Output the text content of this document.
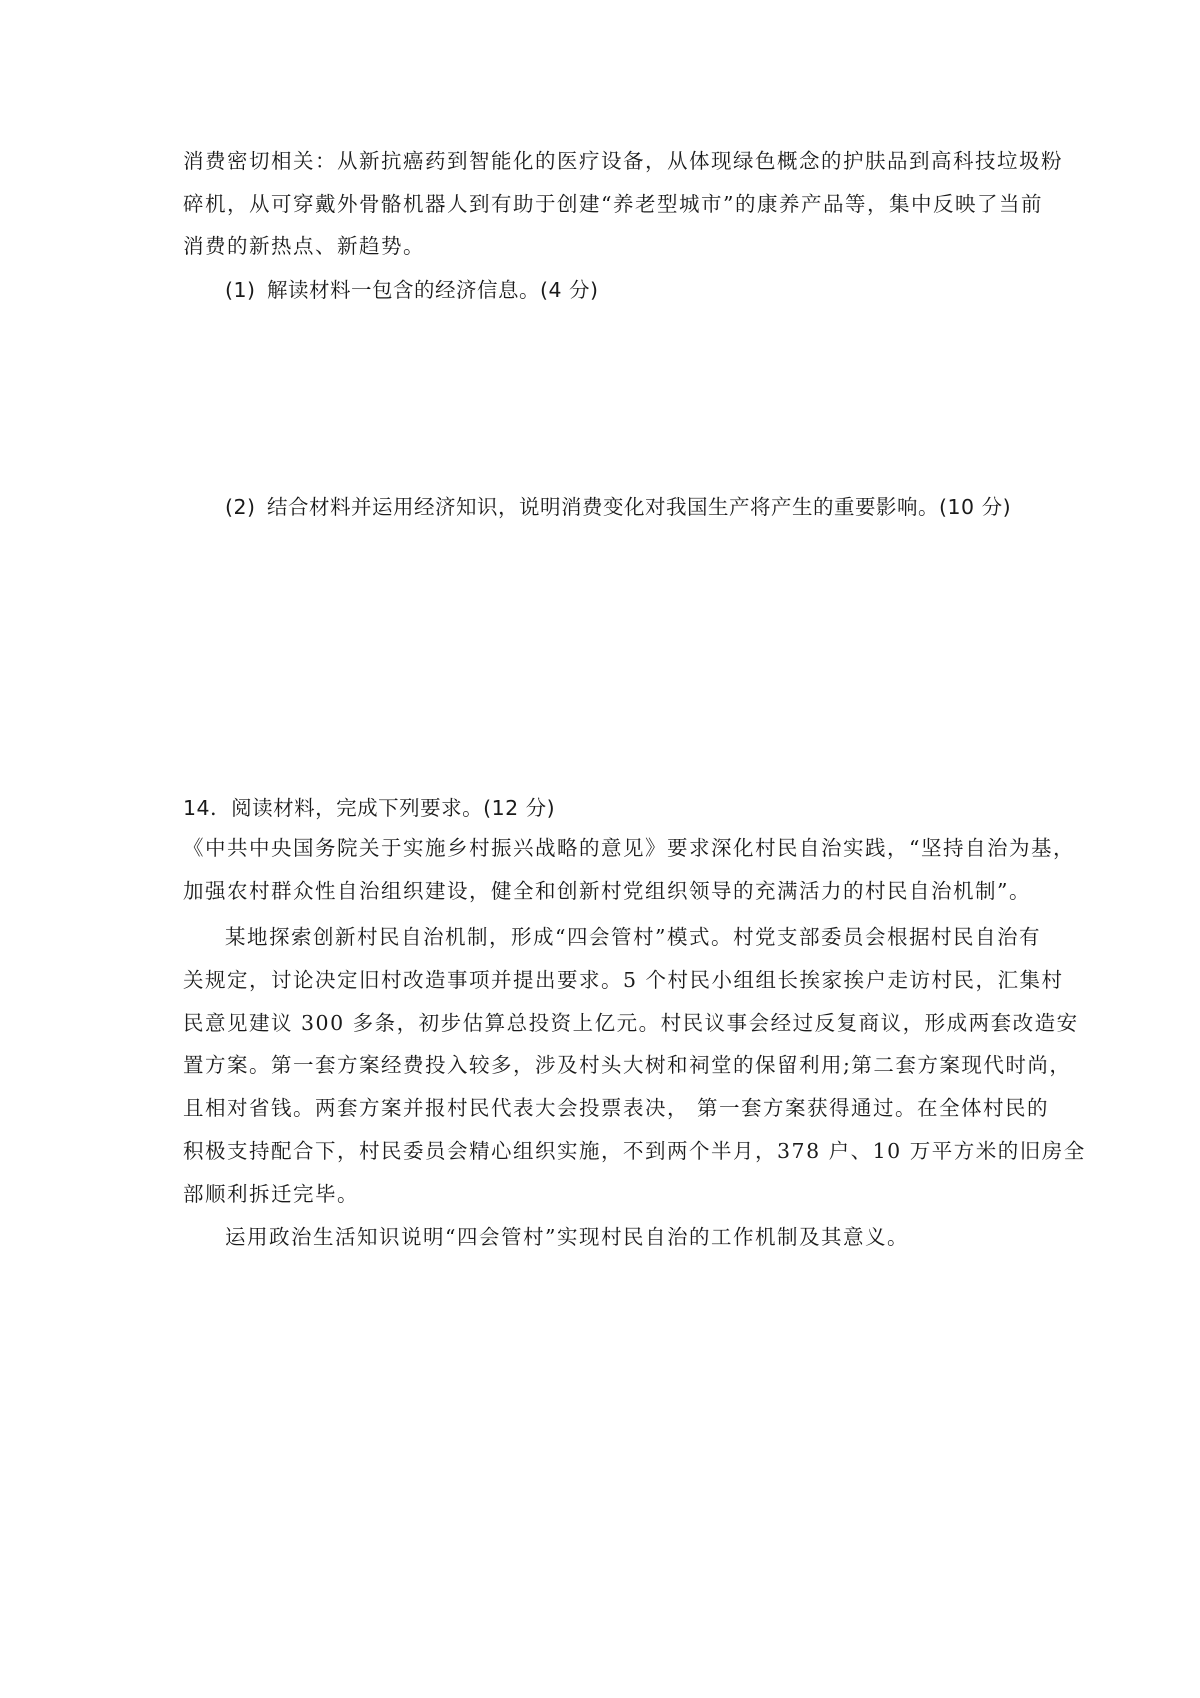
消费密切相关：从新抗癌药到智能化的医疗设备，从体现绿色概念的护肤品到高科技垃圾粉
碎机，从可穿戴外骨骼机器人到有助于创建“养老型城市”的康养产品等，集中反映了当前
消费的新热点、新趋势。
(1) 解读材料一包含的经济信息。(4 分)
(2) 结合材料并运用经济知识，说明消费变化对我国生产将产生的重要影响。(10 分)
14．阅读材料，完成下列要求。(12 分)
《中共中央国务院关于实施乡村振兴战略的意见》要求深化村民自治实践，“坚持自治为基，
加强农村群众性自治组织建设，健全和创新村党组织领导的充满活力的村民自治机制”。
某地探索创新村民自治机制，形成“四会管村”模式。村党支部委员会根据村民自治有
关规定，讨论决定旧村改造事项并提出要求。5 个村民小组组长挨家挨户走访村民，汇集村
民意见建议 300 多条，初步估算总投资上亿元。村民议事会经过反复商议，形成两套改造安
置方案。第一套方案经费投入较多，涉及村头大树和祠堂的保留利用;第二套方案现代时尚，
且相对省钱。两套方案并报村民代表大会投票表决， 第一套方案获得通过。在全体村民的
积极支持配合下，村民委员会精心组织实施，不到两个半月，378 户、10 万平方米的旧房全
部顺利拆迁完毕。
运用政治生活知识说明“四会管村”实现村民自治的工作机制及其意义。
